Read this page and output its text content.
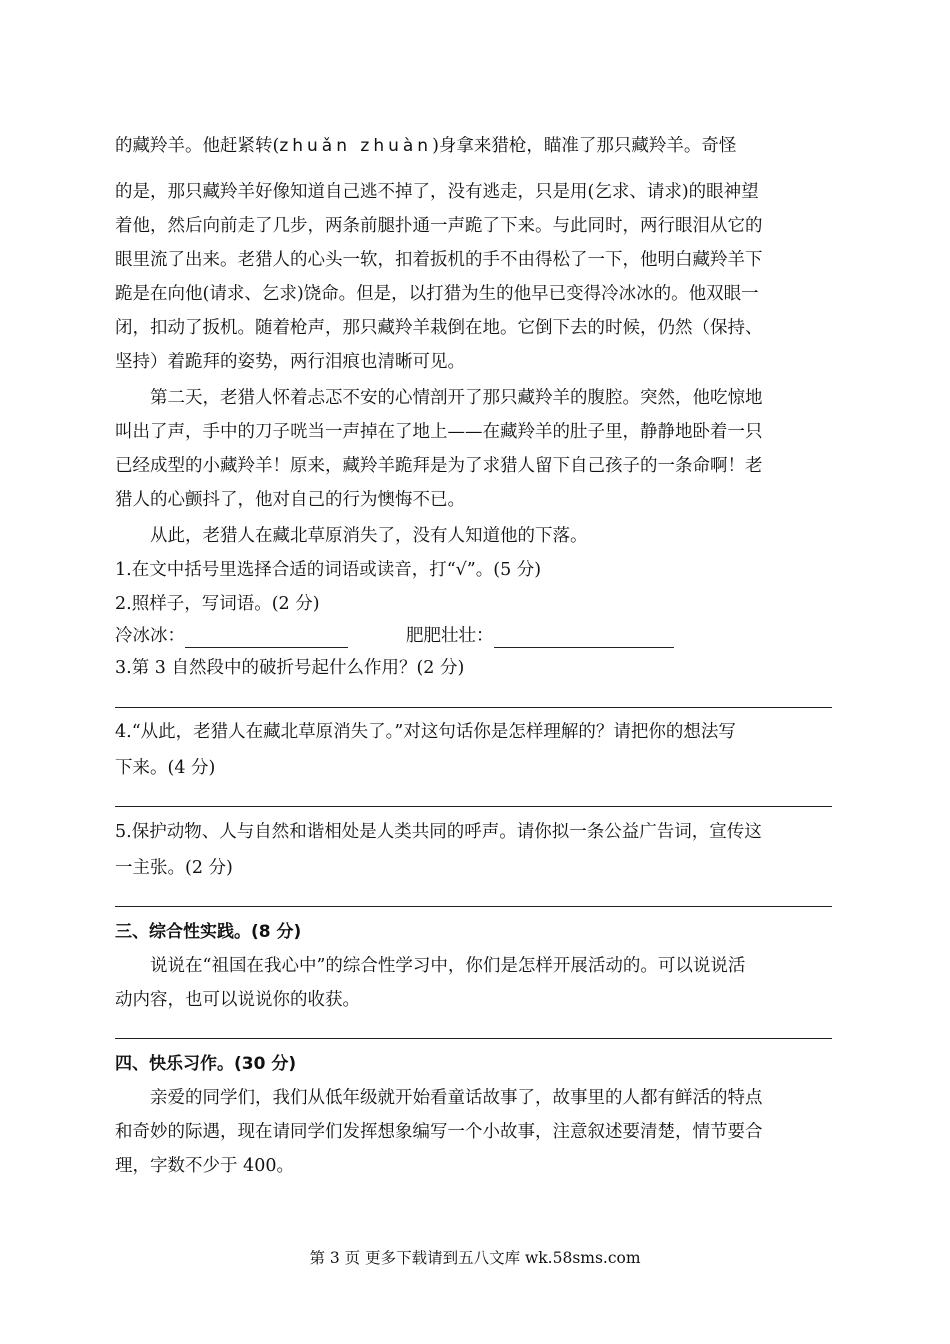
的藏羚羊。他赶紧转(zhuǎn zhuàn)身拿来猎枪，瞄准了那只藏羚羊。奇怪
的是，那只藏羚羊好像知道自己逃不掉了，没有逃走，只是用(乞求、请求)的眼神望
着他，然后向前走了几步，两条前腿扑通一声跪了下来。与此同时，两行眼泪从它的
眼里流了出来。老猎人的心头一软，扣着扳机的手不由得松了一下，他明白藏羚羊下
跪是在向他(请求、乞求)饶命。但是，以打猎为生的他早已变得冷冰冰的。他双眼一
闭，扣动了扳机。随着枪声，那只藏羚羊栽倒在地。它倒下去的时候，仍然（保持、
坚持）着跪拜的姿势，两行泪痕也清晰可见。
第二天，老猎人怀着忐忑不安的心情剖开了那只藏羚羊的腹腔。突然，他吃惊地
叫出了声，手中的刀子咣当一声掉在了地上——在藏羚羊的肚子里，静静地卧着一只
已经成型的小藏羚羊！原来，藏羚羊跪拜是为了求猎人留下自己孩子的一条命啊！老
猎人的心颤抖了，他对自己的行为懊悔不已。
从此，老猎人在藏北草原消失了，没有人知道他的下落。
1.在文中括号里选择合适的词语或读音，打“√”。(5 分)
2.照样子，写词语。(2 分)
冷冰冰：	肥肥壮壮：
3.第 3 自然段中的破折号起什么作用？(2 分)
4.“从此，老猎人在藏北草原消失了。”对这句话你是怎样理解的？请把你的想法写
下来。(4 分)
5.保护动物、人与自然和谐相处是人类共同的呼声。请你拟一条公益广告词，宣传这
一主张。(2 分)
三、综合性实践。(8 分)
说说在“祖国在我心中”的综合性学习中，你们是怎样开展活动的。可以说说活
动内容，也可以说说你的收获。
四、快乐习作。(30 分)
亲爱的同学们，我们从低年级就开始看童话故事了，故事里的人都有鲜活的特点
和奇妙的际遇，现在请同学们发挥想象编写一个小故事，注意叙述要清楚，情节要合
理，字数不少于 400。
第 3 页 更多下载请到五八文库 wk.58sms.com
